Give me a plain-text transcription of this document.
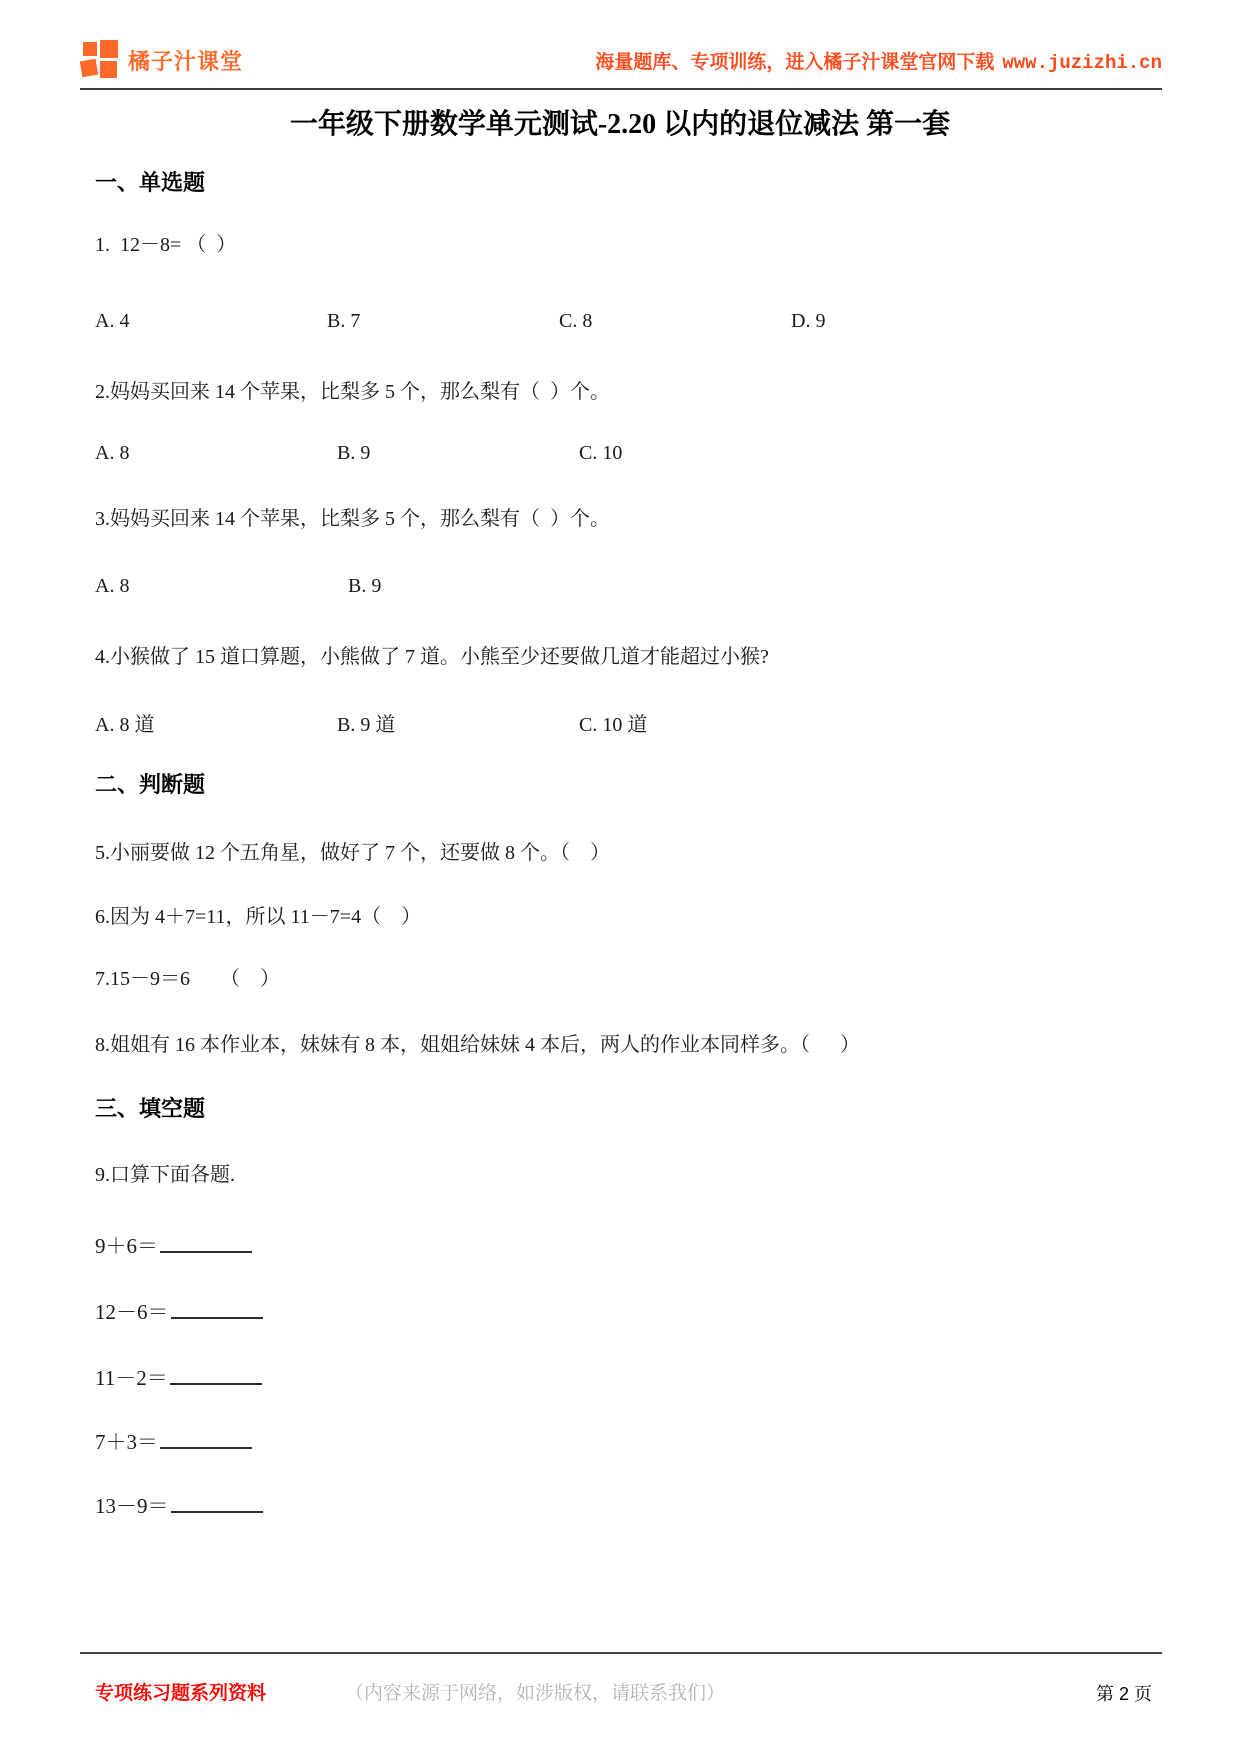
橘子汁课堂	海量题库、专项训练，进入橘子汁课堂官网下载 www.juzizhi.cn
一年级下册数学单元测试-2.20 以内的退位减法 第一套
一、单选题
1.  12－8= （  ）
A. 4	B. 7	C. 8	D. 9
2.妈妈买回来 14 个苹果，比梨多 5 个，那么梨有（  ）个。
A. 8	B. 9	C. 10
3.妈妈买回来 14 个苹果，比梨多 5 个，那么梨有（  ）个。
A. 8	B. 9
4.小猴做了 15 道口算题，小熊做了 7 道。小熊至少还要做几道才能超过小猴?
A. 8 道	B. 9 道	C. 10 道
二、判断题
5.小丽要做 12 个五角星，做好了 7 个，还要做 8 个。（    ）
6.因为 4＋7=11，所以 11－7=4（    ）
7.15－9＝6      （    ）
8.姐姐有 16 本作业本，妹妹有 8 本，姐姐给妹妹 4 本后，两人的作业本同样多。（      ）
三、填空题
9.口算下面各题.
9＋6＝
12－6＝
11－2＝
7＋3＝
13－9＝
专项练习题系列资料	（内容来源于网络，如涉版权，请联系我们）	第 2 页
